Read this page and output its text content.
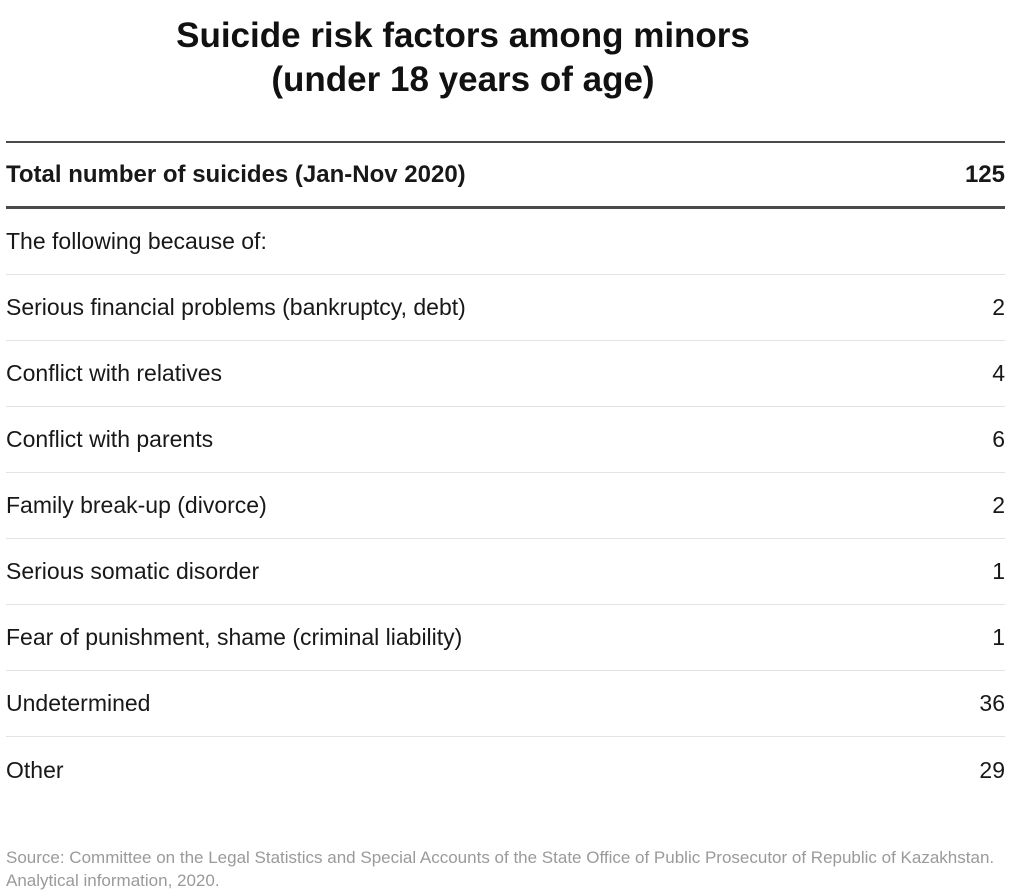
Suicide risk factors among minors
(under 18 years of age)
Total number of suicides (Jan-Nov 2020)	125
The following because of:
Serious financial problems (bankruptcy, debt)	2
Conflict with relatives	4
Conflict with parents	6
Family break-up (divorce)	2
Serious somatic disorder	1
Fear of punishment, shame (criminal liability)	1
Undetermined	36
Other	29
Source: Committee on the Legal Statistics and Special Accounts of the State Office of Public Prosecutor of Republic of Kazakhstan. Analytical information, 2020.
